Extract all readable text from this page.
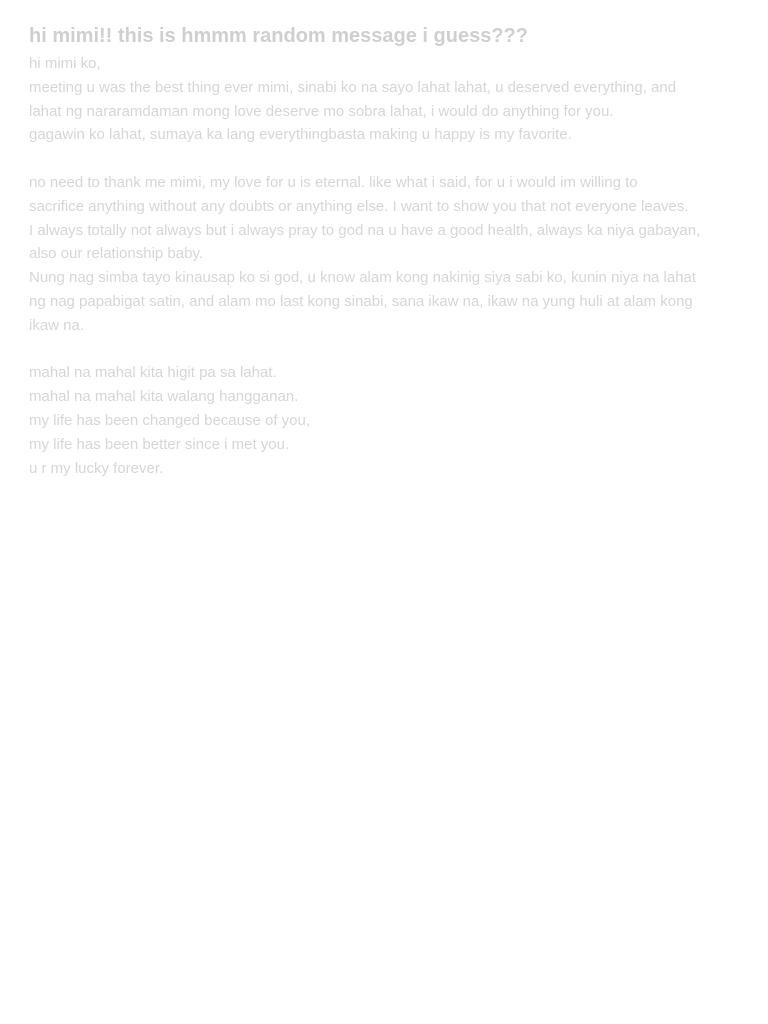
hi mimi!! this is hmmm random message i guess???
hi mimi ko,
meeting u was the best thing ever mimi, sinabi ko na sayo lahat lahat, u deserved everything, and
lahat ng nararamdaman mong love deserve mo sobra lahat, i would do anything for you.
gagawin ko lahat, sumaya ka lang everythingbasta making u happy is my favorite.
no need to thank me mimi, my love for u is eternal. like what i said, for u i would im willing to
sacrifice anything without any doubts or anything else. I want to show you that not everyone leaves.
I always totally not always but i always pray to god na u have a good health, always ka niya gabayan,
also our relationship baby.
Nung nag simba tayo kinausap ko si god, u know alam kong nakinig siya sabi ko, kunin niya na lahat
ng nag papabigat satin, and alam mo last kong sinabi, sana ikaw na, ikaw na yung huli at alam kong
ikaw na.
mahal na mahal kita higit pa sa lahat.
mahal na mahal kita walang hangganan.
my life has been changed because of you,
my life has been better since i met you.
u r my lucky forever.
